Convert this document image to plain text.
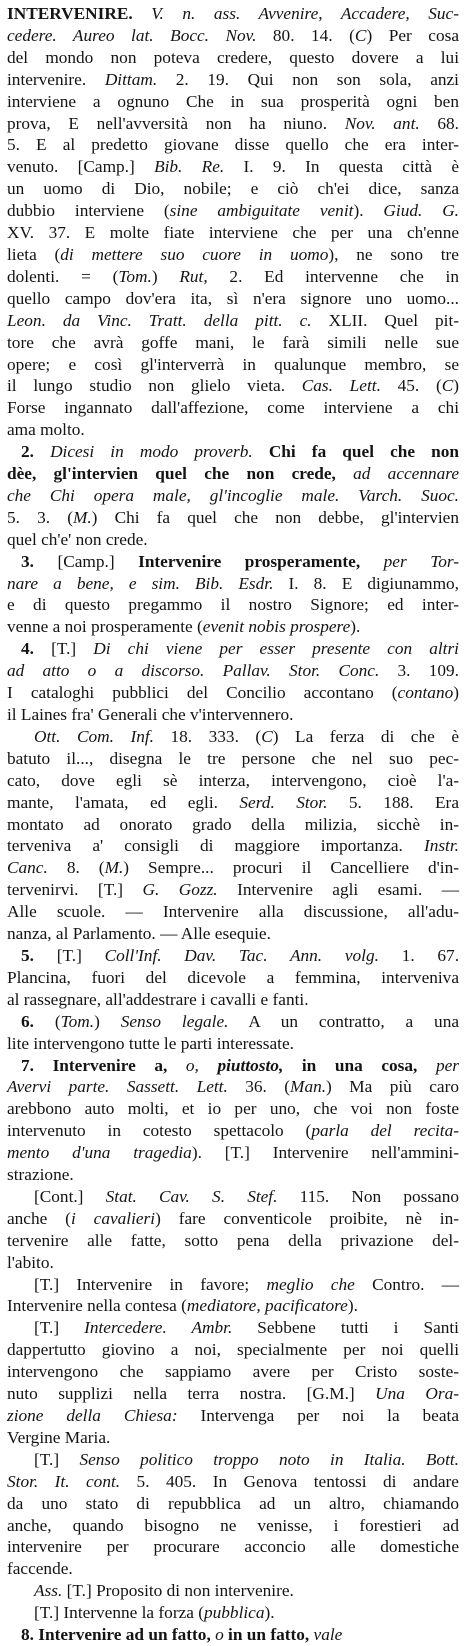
INTERVENIRE. V. n. ass. Avvenire, Accadere, Suc-
cedere. Aureo lat. Bocc. Nov. 80. 14. (C) Per cosa
del mondo non poteva credere, questo dovere a lui
intervenire. Dittam. 2. 19. Qui non son sola, anzi
interviene a ognuno Che in sua prosperità ogni ben
prova, E nell'avversità non ha niuno. Nov. ant. 68.
5. E al predetto giovane disse quello che era inter-
venuto. [Camp.] Bib. Re. I. 9. In questa città è
un uomo di Dio, nobile; e ciò ch'ei dice, sanza
dubbio interviene (sine ambiguitate venit). Giud. G.
XV. 37. E molte fiate interviene che per una ch'enne
lieta (di mettere suo cuore in uomo), ne sono tre
dolenti. = (Tom.) Rut, 2. Ed intervenne che in
quello campo dov'era ita, sì n'era signore uno uomo...
Leon. da Vinc. Tratt. della pitt. c. XLII. Quel pit-
tore che avrà goffe mani, le farà simili nelle sue
opere; e così gl'interverrà in qualunque membro, se
il lungo studio non glielo vieta. Cas. Lett. 45. (C)
Forse ingannato dall'affezione, come interviene a chi
ama molto.
2. Dicesi in modo proverb. Chi fa quel che non
dèe, gl'intervien quel che non crede, ad accennare
che Chi opera male, gl'incoglie male. Varch. Suoc.
5. 3. (M.) Chi fa quel che non debbe, gl'intervien
quel ch'e' non crede.
3. [Camp.] Intervenire prosperamente, per Tor-
nare a bene, e sim. Bib. Esdr. I. 8. E digiunammo,
e di questo pregammo il nostro Signore; ed inter-
venne a noi prosperamente (evenit nobis prospere).
4. [T.] Di chi viene per esser presente con altri
ad atto o a discorso. Pallav. Stor. Conc. 3. 109.
I cataloghi pubblici del Concilio accontano (contano)
il Laines fra' Generali che v'intervennero.
Ott. Com. Inf. 18. 333. (C) La ferza di che è
batuto il..., disegna le tre persone che nel suo pec-
cato, dove egli sè interza, intervengono, cioè l'a-
mante, l'amata, ed egli. Serd. Stor. 5. 188. Era
montato ad onorato grado della milizia, sicchè in-
terveniva a' consigli di maggiore importanza. Instr.
Canc. 8. (M.) Sempre... procuri il Cancelliere d'in-
tervenirvi. [T.] G. Gozz. Intervenire agli esami. —
Alle scuole. — Intervenire alla discussione, all'adu-
nanza, al Parlamento. — Alle esequie.
5. [T.] Coll'Inf. Dav. Tac. Ann. volg. 1. 67.
Plancina, fuori del dicevole a femmina, interveniva
al rassegnare, all'addestrare i cavalli e fanti.
6. (Tom.) Senso legale. A un contratto, a una
lite intervengono tutte le parti interessate.
7. Intervenire a, o, piuttosto, in una cosa, per
Avervi parte. Sassett. Lett. 36. (Man.) Ma più caro
arebbono auto molti, et io per uno, che voi non foste
intervenuto in cotesto spettacolo (parla del recita-
mento d'una tragedia). [T.] Intervenire nell'ammini-
strazione.
[Cont.] Stat. Cav. S. Stef. 115. Non possano
anche (i cavalieri) fare conventicole proibite, nè in-
tervenire alle fatte, sotto pena della privazione del-
l'abito.
[T.] Intervenire in favore; meglio che Contro. —
Intervenire nella contesa (mediatore, pacificatore).
[T.] Intercedere. Ambr. Sebbene tutti i Santi
dappertutto giovino a noi, specialmente per noi quelli
intervengono che sappiamo avere per Cristo soste-
nuto supplizi nella terra nostra. [G.M.] Una Ora-
zione della Chiesa: Intervenga per noi la beata
Vergine Maria.
[T.] Senso politico troppo noto in Italia. Bott.
Stor. It. cont. 5. 405. In Genova tentossi di andare
da uno stato di repubblica ad un altro, chiamando
anche, quando bisogno ne venisse, i forestieri ad
intervenire per procurare acconcio alle domestiche
faccende.
Ass. [T.] Proposito di non intervenire.
[T.] Intervenne la forza (pubblica).
8. Intervenire ad un fatto, o in un fatto, vale
